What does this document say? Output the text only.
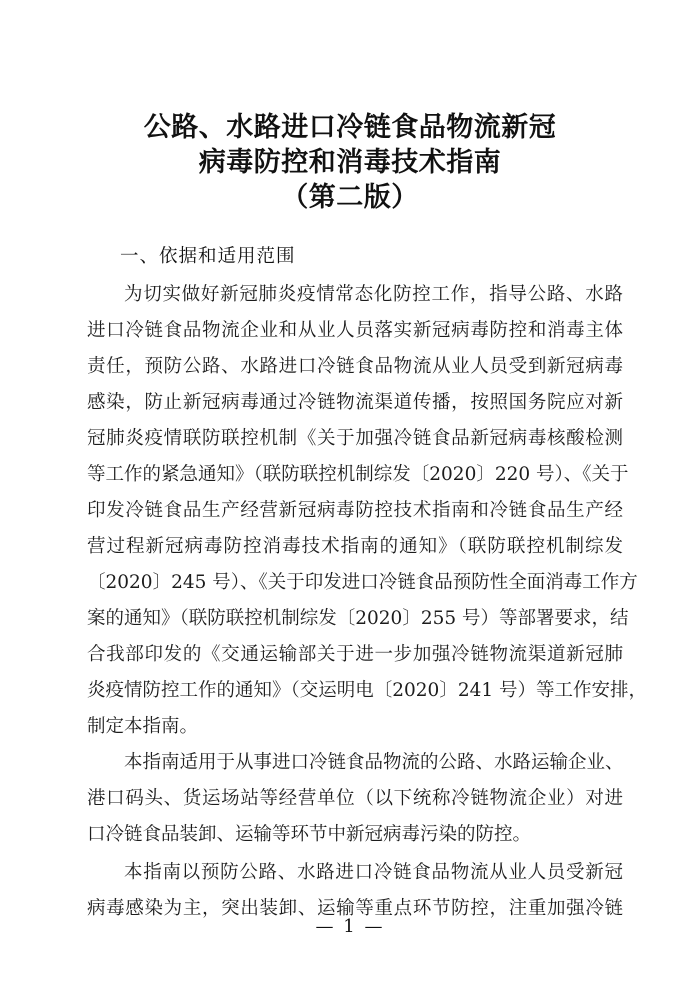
公路、水路进口冷链食品物流新冠
病毒防控和消毒技术指南
（第二版）
一、依据和适用范围
为切实做好新冠肺炎疫情常态化防控工作，指导公路、水路
进口冷链食品物流企业和从业人员落实新冠病毒防控和消毒主体
责任，预防公路、水路进口冷链食品物流从业人员受到新冠病毒
感染，防止新冠病毒通过冷链物流渠道传播，按照国务院应对新
冠肺炎疫情联防联控机制《关于加强冷链食品新冠病毒核酸检测
等工作的紧急通知》（联防联控机制综发〔2020〕220 号）、《关于
印发冷链食品生产经营新冠病毒防控技术指南和冷链食品生产经
营过程新冠病毒防控消毒技术指南的通知》（联防联控机制综发
〔2020〕245 号）、《关于印发进口冷链食品预防性全面消毒工作方
案的通知》（联防联控机制综发〔2020〕255 号）等部署要求，结
合我部印发的《交通运输部关于进一步加强冷链物流渠道新冠肺
炎疫情防控工作的通知》（交运明电〔2020〕241 号）等工作安排，
制定本指南。
本指南适用于从事进口冷链食品物流的公路、水路运输企业、
港口码头、货运场站等经营单位（以下统称冷链物流企业）对进
口冷链食品装卸、运输等环节中新冠病毒污染的防控。
本指南以预防公路、水路进口冷链食品物流从业人员受新冠
病毒感染为主，突出装卸、运输等重点环节防控，注重加强冷链
— 1 —
